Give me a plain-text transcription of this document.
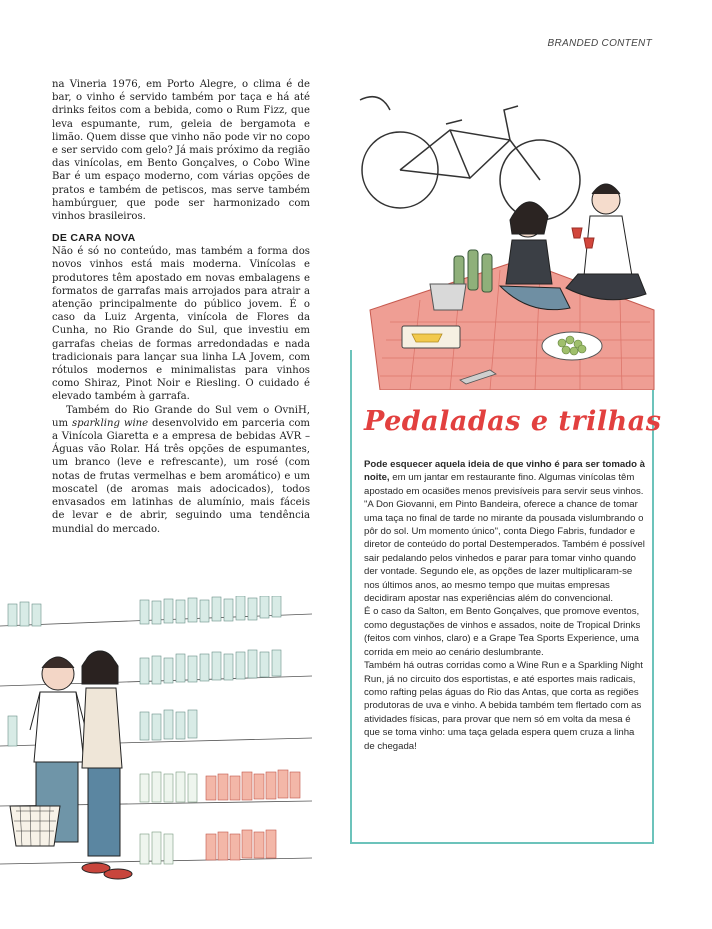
BRANDED CONTENT

na Vineria 1976, em Porto Alegre, o clima é de bar, o vinho é servido também por taça e há até drinks feitos com a bebida, como o Rum Fizz, que leva espumante, rum, geleia de bergamota e limão. Quem disse que vinho não pode vir no copo e ser servido com gelo? Já mais próximo da região das vinícolas, em Bento Gonçalves, o Cobo Wine Bar é um espaço moderno, com várias opções de pratos e também de petiscos, mas serve também hambúrguer, que pode ser harmonizado com vinhos brasileiros.

DE CARA NOVA

Não é só no conteúdo, mas também a forma dos novos vinhos está mais moderna. Vinícolas e produtores têm apostado em novas embalagens e formatos de garrafas mais arrojados para atrair a atenção principalmente do público jovem. É o caso da Luiz Argenta, vinícola de Flores da Cunha, no Rio Grande do Sul, que investiu em garrafas cheias de formas arredondadas e nada tradicionais para lançar sua linha LA Jovem, com rótulos modernos e minimalistas para vinhos como Shiraz, Pinot Noir e Riesling. O cuidado é elevado também à garrafa.

Também do Rio Grande do Sul vem o OvniH, um sparkling wine desenvolvido em parceria com a Vinícola Giaretta e a empresa de bebidas AVR – Águas vão Rolar. Há três opções de espumantes, um branco (leve e refrescante), um rosé (com notas de frutas vermelhas e bem aromático) e um moscatel (de aromas mais adocicados), todos envasados em latinhas de alumínio, mais fáceis de levar e de abrir, seguindo uma tendência mundial do mercado.

Pedaladas e trilhas

Pode esquecer aquela ideia de que vinho é para ser tomado à noite, em um jantar em restaurante fino. Algumas vinícolas têm apostado em ocasiões menos previsíveis para servir seus vinhos. "A Don Giovanni, em Pinto Bandeira, oferece a chance de tomar uma taça no final de tarde no mirante da pousada vislumbrando o pôr do sol. Um momento único", conta Diego Fabris, fundador e diretor de conteúdo do portal Destemperados. Também é possível sair pedalando pelos vinhedos e parar para tomar vinho quando der vontade. Segundo ele, as opções de lazer multiplicaram-se nos últimos anos, ao mesmo tempo que muitas empresas decidiram apostar nas experiências além do convencional.

É o caso da Salton, em Bento Gonçalves, que promove eventos, como degustações de vinhos e assados, noite de Tropical Drinks (feitos com vinhos, claro) e a Grape Tea Sports Experience, uma corrida em meio ao cenário deslumbrante.

Também há outras corridas como a Wine Run e a Sparkling Night Run, já no circuito dos esportistas, e até esportes mais radicais, como rafting pelas águas do Rio das Antas, que corta as regiões produtoras de uva e vinho. A bebida também tem flertado com as atividades físicas, para provar que nem só em volta da mesa é que se toma vinho: uma taça gelada espera quem cruza a linha de chegada!
